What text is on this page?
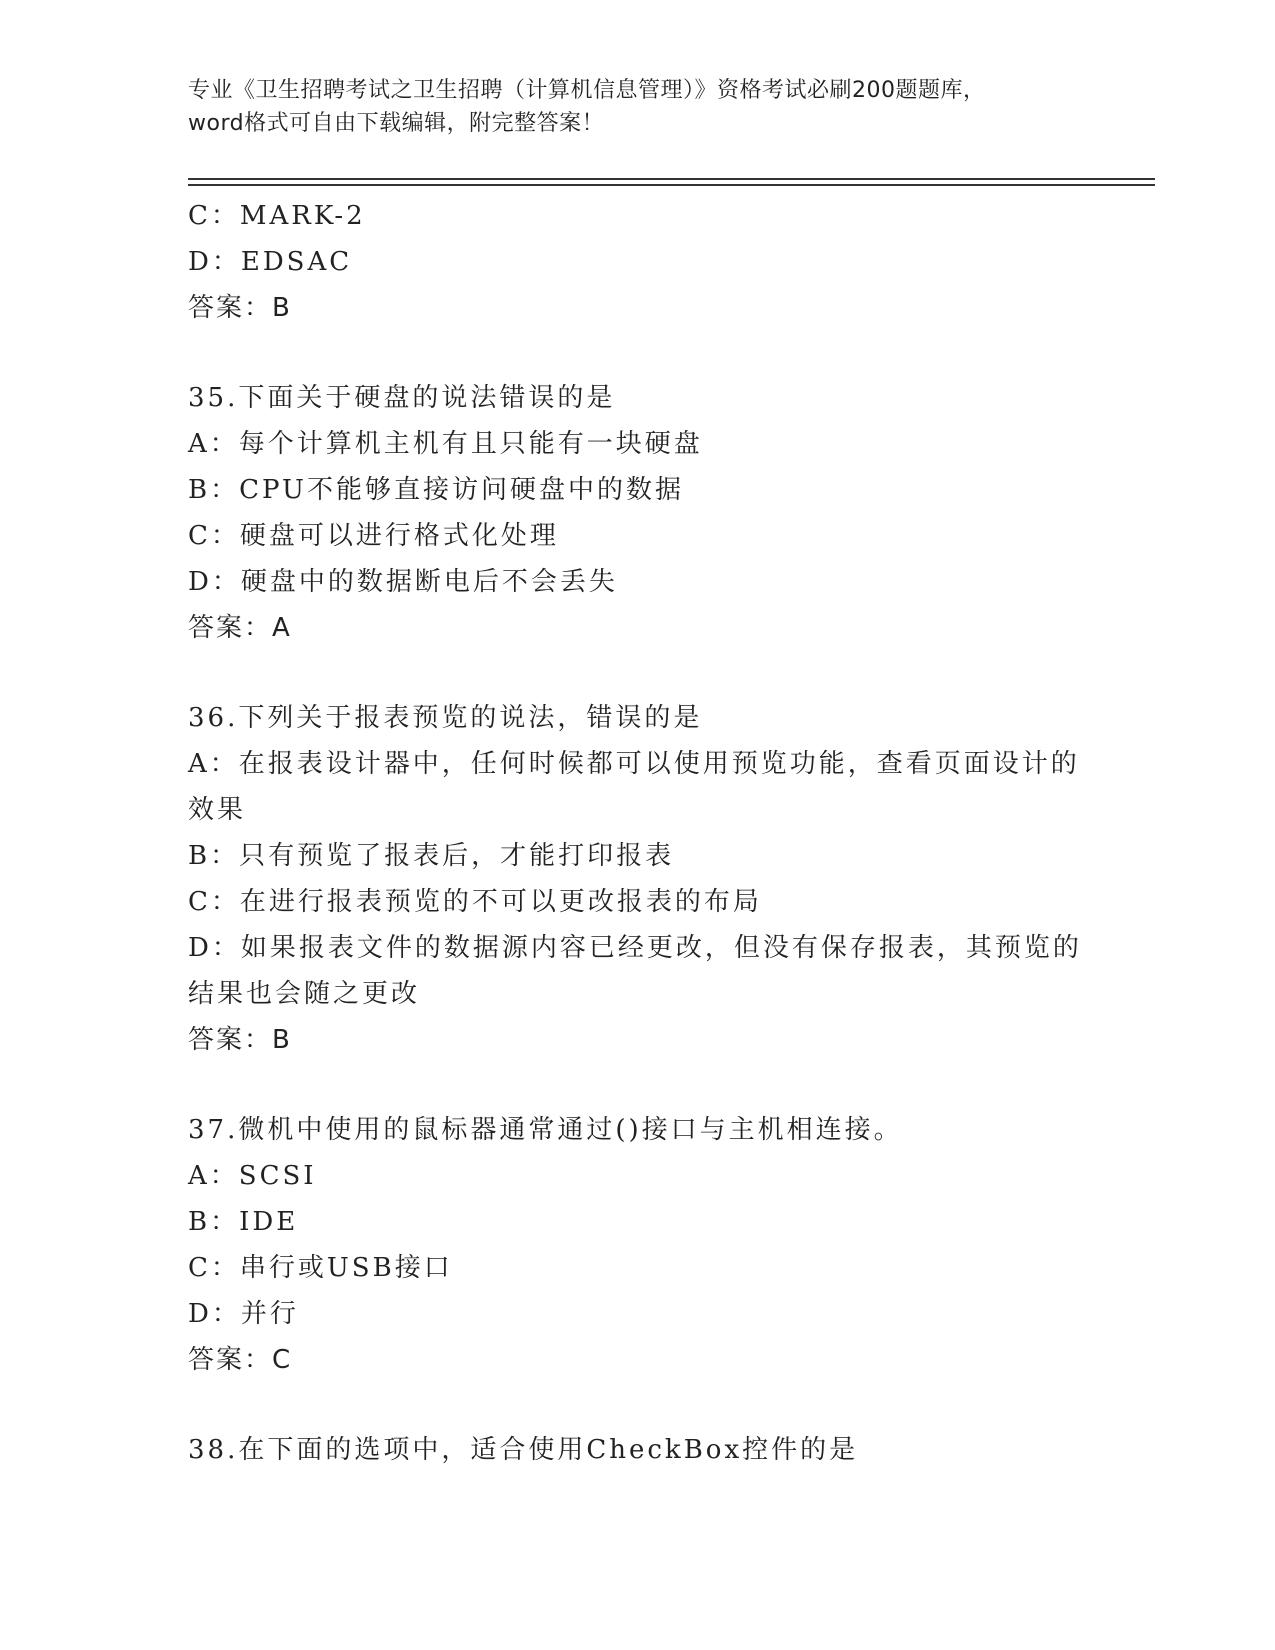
专业《卫生招聘考试之卫生招聘（计算机信息管理）》资格考试必刷200题题库，
word格式可自由下载编辑，附完整答案！
C：MARK-2
D：EDSAC
答案：B
35.下面关于硬盘的说法错误的是
A：每个计算机主机有且只能有一块硬盘
B：CPU不能够直接访问硬盘中的数据
C：硬盘可以进行格式化处理
D：硬盘中的数据断电后不会丢失
答案：A
36.下列关于报表预览的说法，错误的是
A：在报表设计器中，任何时候都可以使用预览功能，查看页面设计的
效果
B：只有预览了报表后，才能打印报表
C：在进行报表预览的不可以更改报表的布局
D：如果报表文件的数据源内容已经更改，但没有保存报表，其预览的
结果也会随之更改
答案：B
37.微机中使用的鼠标器通常通过()接口与主机相连接。
A：SCSI
B：IDE
C：串行或USB接口
D：并行
答案：C
38.在下面的选项中，适合使用CheckBox控件的是
